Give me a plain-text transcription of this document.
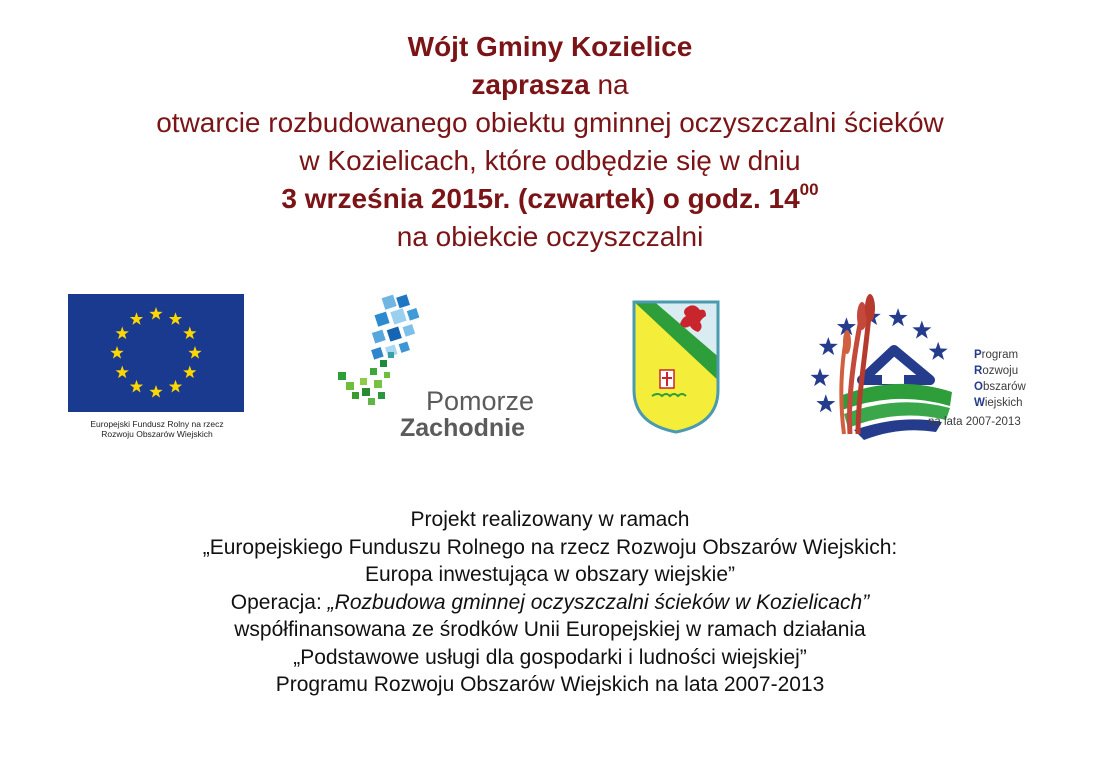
Wójt Gminy Kozielice
zaprasza na
otwarcie rozbudowanego obiektu gminnej oczyszczalni ścieków
w Kozielicach, które odbędzie się w dniu
3 września 2015r. (czwartek) o godz. $14^{00}$
na obiekcie oczyszczalni
Europejski Fundusz Rolny na rzecz
Rozwoju Obszarów Wiejskich
Pomorze
Zachodnie
Program
Rozwoju
Obszarów
Wiejskich
na lata 2007-2013
Projekt realizowany w ramach
„Europejskiego Funduszu Rolnego na rzecz Rozwoju Obszarów Wiejskich:
Europa inwestująca w obszary wiejskie”
Operacja: „Rozbudowa gminnej oczyszczalni ścieków w Kozielicach”
współfinansowana ze środków Unii Europejskiej w ramach działania
„Podstawowe usługi dla gospodarki i ludności wiejskiej”
Programu Rozwoju Obszarów Wiejskich na lata 2007-2013
